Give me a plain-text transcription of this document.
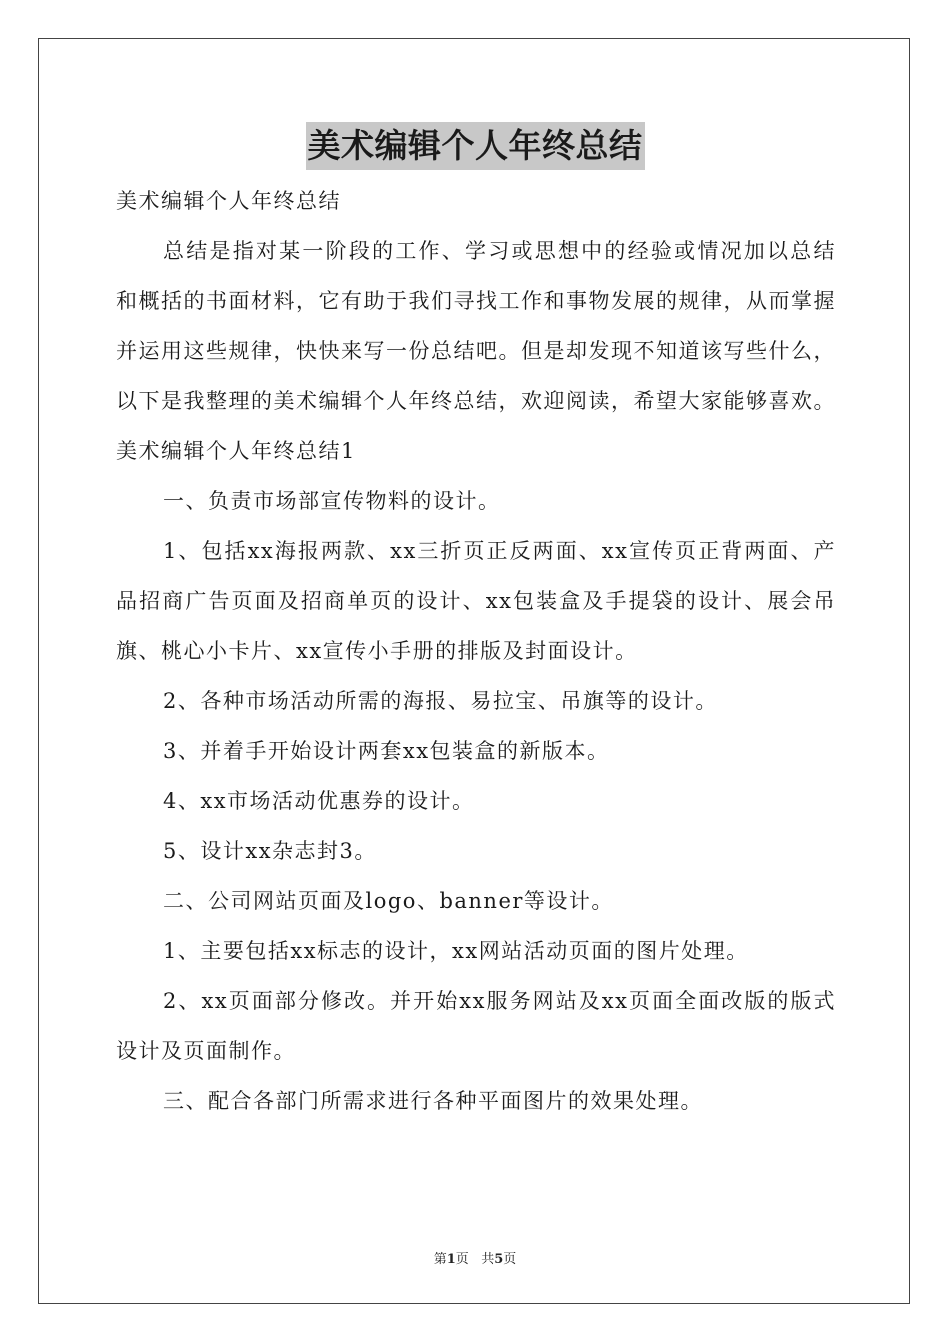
美术编辑个人年终总结

美术编辑个人年终总结

总结是指对某一阶段的工作、学习或思想中的经验或情况加以总结和概括的书面材料，它有助于我们寻找工作和事物发展的规律，从而掌握并运用这些规律，快快来写一份总结吧。但是却发现不知道该写些什么，以下是我整理的美术编辑个人年终总结，欢迎阅读，希望大家能够喜欢。

美术编辑个人年终总结1

一、负责市场部宣传物料的设计。

1、包括xx海报两款、xx三折页正反两面、xx宣传页正背两面、产品招商广告页面及招商单页的设计、xx包装盒及手提袋的设计、展会吊旗、桃心小卡片、xx宣传小手册的排版及封面设计。

2、各种市场活动所需的海报、易拉宝、吊旗等的设计。

3、并着手开始设计两套xx包装盒的新版本。

4、xx市场活动优惠券的设计。

5、设计xx杂志封3。

二、公司网站页面及logo、banner等设计。

1、主要包括xx标志的设计，xx网站活动页面的图片处理。

2、xx页面部分修改。并开始xx服务网站及xx页面全面改版的版式设计及页面制作。

三、配合各部门所需求进行各种平面图片的效果处理。

第1页   共5页
